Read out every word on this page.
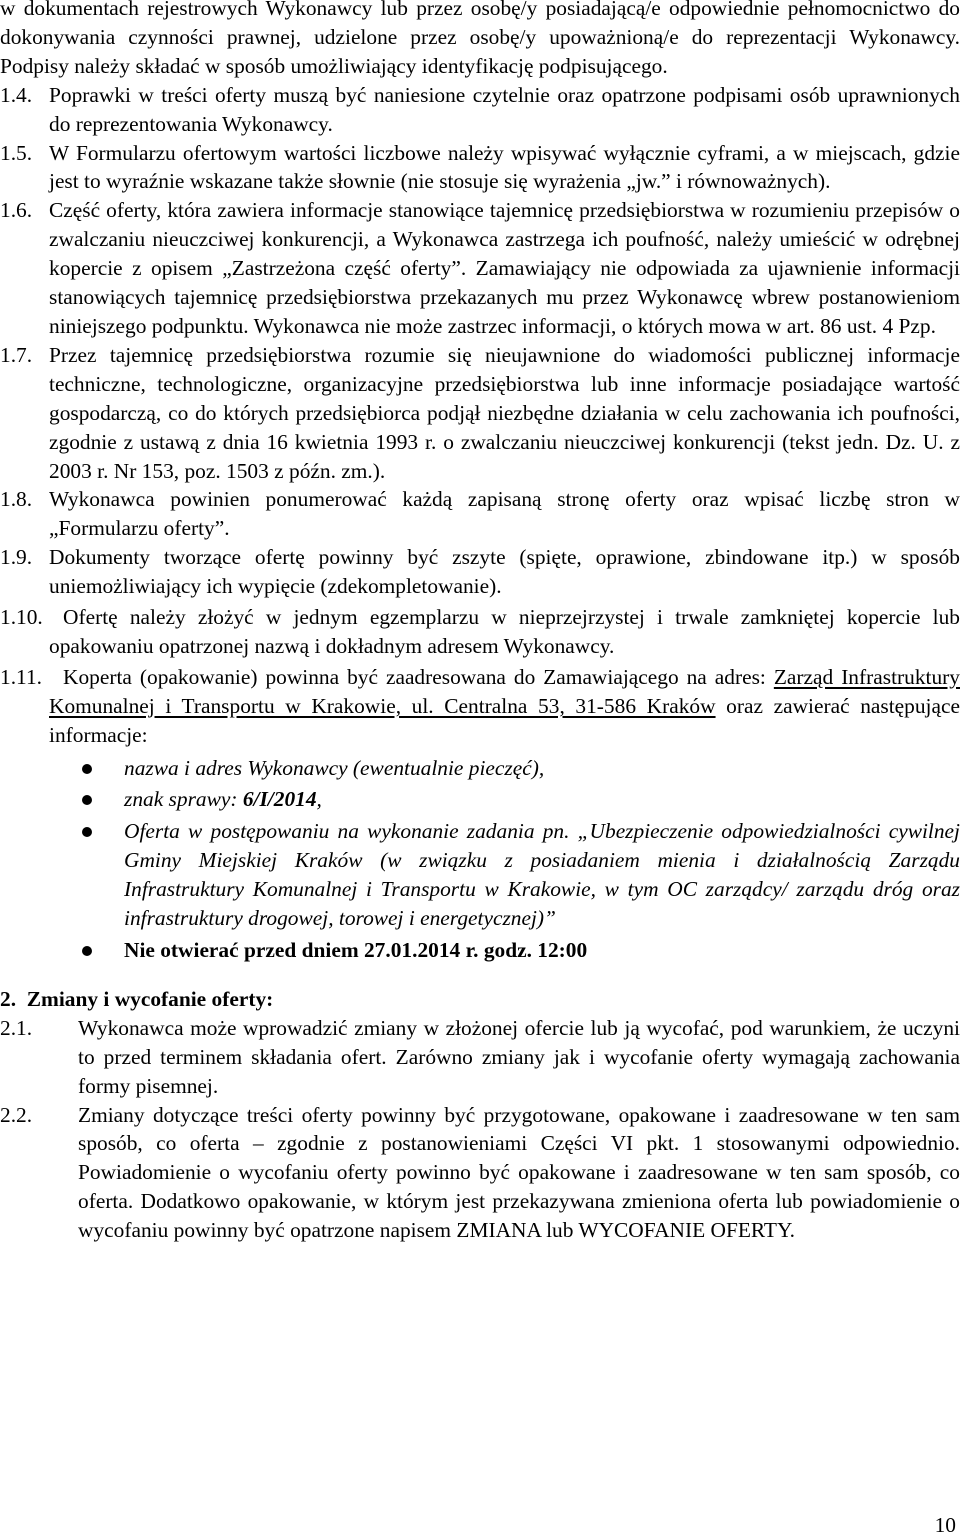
w dokumentach rejestrowych Wykonawcy lub przez osobę/y posiadającą/e odpowiednie pełnomocnictwo do dokonywania czynności prawnej, udzielone przez osobę/y upoważnioną/e do reprezentacji Wykonawcy. Podpisy należy składać w sposób umożliwiający identyfikację podpisującego.
1.4. Poprawki w treści oferty muszą być naniesione czytelnie oraz opatrzone podpisami osób uprawnionych do reprezentowania Wykonawcy.
1.5. W Formularzu ofertowym wartości liczbowe należy wpisywać wyłącznie cyframi, a w miejscach, gdzie jest to wyraźnie wskazane także słownie (nie stosuje się wyrażenia „jw.” i równoważnych).
1.6. Część oferty, która zawiera informacje stanowiące tajemnicę przedsiębiorstwa w rozumieniu przepisów o zwalczaniu nieuczciwej konkurencji, a Wykonawca zastrzega ich poufność, należy umieścić w odrębnej kopercie z opisem „Zastrzeżona część oferty”. Zamawiający nie odpowiada za ujawnienie informacji stanowiących tajemnicę przedsiębiorstwa przekazanych mu przez Wykonawcę wbrew postanowieniom niniejszego podpunktu. Wykonawca nie może zastrzec informacji, o których mowa w art. 86 ust. 4 Pzp.
1.7. Przez tajemnicę przedsiębiorstwa rozumie się nieujawnione do wiadomości publicznej informacje techniczne, technologiczne, organizacyjne przedsiębiorstwa lub inne informacje posiadające wartość gospodarczą, co do których przedsiębiorca podjął niezbędne działania w celu zachowania ich poufności, zgodnie z ustawą z dnia 16 kwietnia 1993 r. o zwalczaniu nieuczciwej konkurencji (tekst jedn. Dz. U. z 2003 r. Nr 153, poz. 1503 z późn. zm.).
1.8. Wykonawca powinien ponumerować każdą zapisaną stronę oferty oraz wpisać liczbę stron w „Formularzu oferty”.
1.9. Dokumenty tworzące ofertę powinny być zszyte (spięte, oprawione, zbindowane itp.) w sposób uniemożliwiający ich wypięcie (zdekompletowanie).
1.10. Ofertę należy złożyć w jednym egzemplarzu w nieprzejrzystej i trwale zamkniętej kopercie lub opakowaniu opatrzonej nazwą i dokładnym adresem Wykonawcy.
1.11. Koperta (opakowanie) powinna być zaadresowana do Zamawiającego na adres: Zarząd Infrastruktury Komunalnej i Transportu w Krakowie, ul. Centralna 53, 31-586 Kraków oraz zawierać następujące informacje:
nazwa i adres Wykonawcy (ewentualnie pieczęć),
znak sprawy: 6/I/2014,
Oferta w postępowaniu na wykonanie zadania pn. „Ubezpieczenie odpowiedzialności cywilnej Gminy Miejskiej Kraków (w związku z posiadaniem mienia i działalnością Zarządu Infrastruktury Komunalnej i Transportu w Krakowie, w tym OC zarządcy/ zarządu dróg oraz infrastruktury drogowej, torowej i energetycznej)”
Nie otwierać przed dniem 27.01.2014 r. godz. 12:00
2.  Zmiany i wycofanie oferty:
2.1.	Wykonawca może wprowadzić zmiany w złożonej ofercie lub ją wycofać, pod warunkiem, że uczyni to przed terminem składania ofert. Zarówno zmiany jak i wycofanie oferty wymagają zachowania formy pisemnej.
2.2.	Zmiany dotyczące treści oferty powinny być przygotowane, opakowane i zaadresowane w ten sam sposób, co oferta – zgodnie z postanowieniami Części VI pkt. 1 stosowanymi odpowiednio. Powiadomienie o wycofaniu oferty powinno być opakowane i zaadresowane w ten sam sposób, co oferta. Dodatkowo opakowanie, w którym jest przekazywana zmieniona oferta lub powiadomienie o wycofaniu powinny być opatrzone napisem ZMIANA lub WYCOFANIE OFERTY.
10
